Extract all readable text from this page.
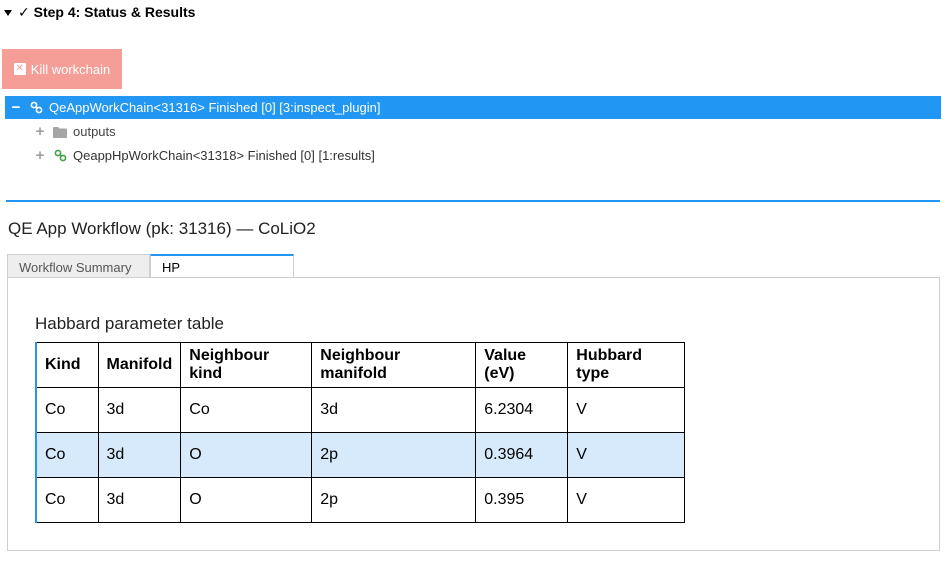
✓ Step 4: Status & Results
✕ Kill workchain
−	QeAppWorkChain<31316> Finished [0] [3:inspect_plugin]
+	outputs
+	QeappHpWorkChain<31318> Finished [0] [1:results]
QE App Workflow (pk: 31316) — CoLiO2
Workflow Summary	HP
Habbard parameter table
Kind	Manifold	Neighbour kind	Neighbour manifold	Value (eV)	Hubbard type
Co	3d	Co	3d	6.2304	V
Co	3d	O	2p	0.3964	V
Co	3d	O	2p	0.395	V
